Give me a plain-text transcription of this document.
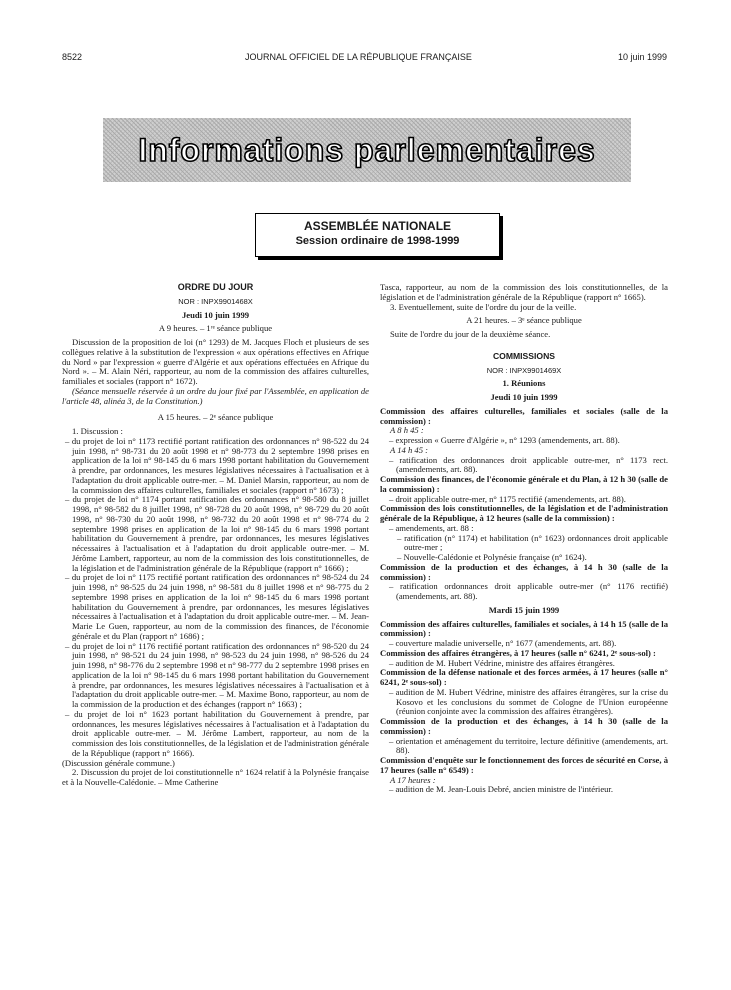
8522	JOURNAL OFFICIEL DE LA RÉPUBLIQUE FRANÇAISE	10 juin 1999
Informations parlementaires
ASSEMBLÉE NATIONALE
Session ordinaire de 1998-1999

ORDRE DU JOUR

NOR : INPX9901468X

Jeudi 10 juin 1999

A 9 heures. – 1ʳᵉ séance publique

Discussion de la proposition de loi (n° 1293) de M. Jacques Floch et plusieurs de ses collègues relative à la substitution de l'expression « aux opérations effectives en Afrique du Nord » par l'expression « guerre d'Algérie et aux opérations effectuées en Afrique du Nord ». – M. Alain Néri, rapporteur, au nom de la commission des affaires culturelles, familiales et sociales (rapport n° 1672).

(Séance mensuelle réservée à un ordre du jour fixé par l'Assemblée, en application de l'article 48, alinéa 3, de la Constitution.)

A 15 heures. – 2ᵉ séance publique

1. Discussion :

– du projet de loi n° 1173 rectifié portant ratification des ordonnances n° 98-522 du 24 juin 1998, n° 98-731 du 20 août 1998 et n° 98-773 du 2 septembre 1998 prises en application de la loi n° 98-145 du 6 mars 1998 portant habilitation du Gouvernement à prendre, par ordonnances, les mesures législatives nécessaires à l'actualisation et à l'adaptation du droit applicable outre-mer. – M. Daniel Marsin, rapporteur, au nom de la commission des affaires culturelles, familiales et sociales (rapport n° 1673) ;

– du projet de loi n° 1174 portant ratification des ordonnances n° 98-580 du 8 juillet 1998, n° 98-582 du 8 juillet 1998, n° 98-728 du 20 août 1998, n° 98-729 du 20 août 1998, n° 98-730 du 20 août 1998, n° 98-732 du 20 août 1998 et n° 98-774 du 2 septembre 1998 prises en application de la loi n° 98-145 du 6 mars 1998 portant habilitation du Gouvernement à prendre, par ordonnances, les mesures législatives nécessaires à l'actualisation et à l'adaptation du droit applicable outre-mer. – M. Jérôme Lambert, rapporteur, au nom de la commission des lois constitutionnelles, de la législation et de l'administration générale de la République (rapport n° 1666) ;

– du projet de loi n° 1175 rectifié portant ratification des ordonnances n° 98-524 du 24 juin 1998, n° 98-525 du 24 juin 1998, n° 98-581 du 8 juillet 1998 et n° 98-775 du 2 septembre 1998 prises en application de la loi n° 98-145 du 6 mars 1998 portant habilitation du Gouvernement à prendre, par ordonnances, les mesures législatives nécessaires à l'actualisation et à l'adaptation du droit applicable outre-mer. – M. Jean-Marie Le Guen, rapporteur, au nom de la commission des finances, de l'économie générale et du Plan (rapport n° 1686) ;

– du projet de loi n° 1176 rectifié portant ratification des ordonnances n° 98-520 du 24 juin 1998, n° 98-521 du 24 juin 1998, n° 98-523 du 24 juin 1998, n° 98-526 du 24 juin 1998, n° 98-776 du 2 septembre 1998 et n° 98-777 du 2 septembre 1998 prises en application de la loi n° 98-145 du 6 mars 1998 portant habilitation du Gouvernement à prendre, par ordonnances, les mesures législatives nécessaires à l'actualisation et à l'adaptation du droit applicable outre-mer. – M. Maxime Bono, rapporteur, au nom de la commission de la production et des échanges (rapport n° 1663) ;

– du projet de loi n° 1623 portant habilitation du Gouvernement à prendre, par ordonnances, les mesures législatives nécessaires à l'actualisation et à l'adaptation du droit applicable outre-mer. – M. Jérôme Lambert, rapporteur, au nom de la commission des lois constitutionnelles, de la législation et de l'administration générale de la République (rapport n° 1666).

(Discussion générale commune.)

2. Discussion du projet de loi constitutionnelle n° 1624 relatif à la Polynésie française et à la Nouvelle-Calédonie. – Mme Catherine

Tasca, rapporteur, au nom de la commission des lois constitutionnelles, de la législation et de l'administration générale de la République (rapport n° 1665).

3. Eventuellement, suite de l'ordre du jour de la veille.

A 21 heures. – 3ᵉ séance publique

Suite de l'ordre du jour de la deuxième séance.

COMMISSIONS

NOR : INPX9901469X

1. Réunions

Jeudi 10 juin 1999

Commission des affaires culturelles, familiales et sociales (salle de la commission) :

A 8 h 45 :

– expression « Guerre d'Algérie », n° 1293 (amendements, art. 88).

A 14 h 45 :

– ratification des ordonnances droit applicable outre-mer, n° 1173 rect. (amendements, art. 88).

Commission des finances, de l'économie générale et du Plan, à 12 h 30 (salle de la commission) :

– droit applicable outre-mer, n° 1175 rectifié (amendements, art. 88).

Commission des lois constitutionnelles, de la législation et de l'administration générale de la République, à 12 heures (salle de la commission) :

– amendements, art. 88 :

– ratification (n° 1174) et habilitation (n° 1623) ordonnances droit applicable outre-mer ;

– Nouvelle-Calédonie et Polynésie française (n° 1624).

Commission de la production et des échanges, à 14 h 30 (salle de la commission) :

– ratification ordonnances droit applicable outre-mer (n° 1176 rectifié) (amendements, art. 88).

Mardi 15 juin 1999

Commission des affaires culturelles, familiales et sociales, à 14 h 15 (salle de la commission) :

– couverture maladie universelle, n° 1677 (amendements, art. 88).

Commission des affaires étrangères, à 17 heures (salle n° 6241, 2ᵉ sous-sol) :

– audition de M. Hubert Védrine, ministre des affaires étrangères.

Commission de la défense nationale et des forces armées, à 17 heures (salle n° 6241, 2ᵉ sous-sol) :

– audition de M. Hubert Védrine, ministre des affaires étrangères, sur la crise du Kosovo et les conclusions du sommet de Cologne de l'Union européenne (réunion conjointe avec la commission des affaires étrangères).

Commission de la production et des échanges, à 14 h 30 (salle de la commission) :

– orientation et aménagement du territoire, lecture définitive (amendements, art. 88).

Commission d'enquête sur le fonctionnement des forces de sécurité en Corse, à 17 heures (salle n° 6549) :

A 17 heures :

– audition de M. Jean-Louis Debré, ancien ministre de l'intérieur.
